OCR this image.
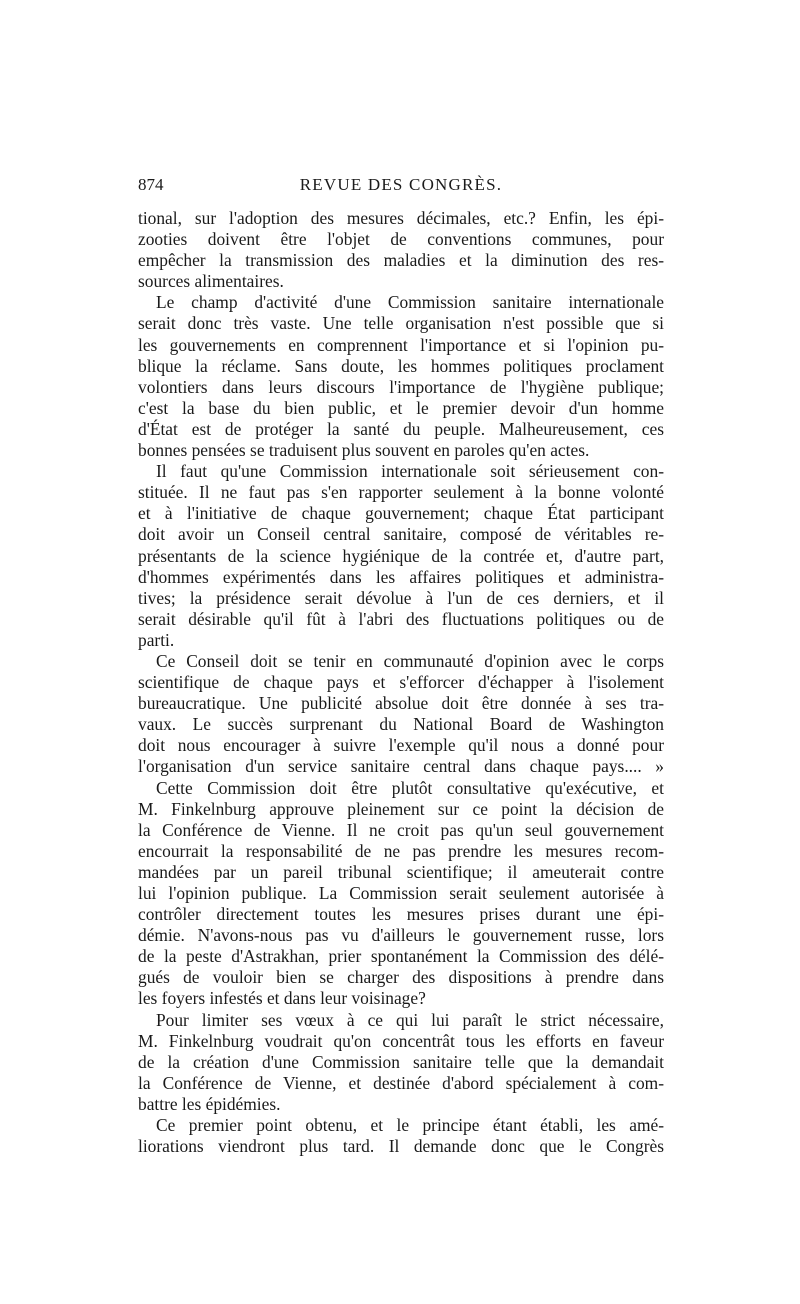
874	REVUE DES CONGRÈS.
tional, sur l'adoption des mesures décimales, etc.? Enfin, les épi-
zooties doivent être l'objet de conventions communes, pour
empêcher la transmission des maladies et la diminution des res-
sources alimentaires.
Le champ d'activité d'une Commission sanitaire internationale
serait donc très vaste. Une telle organisation n'est possible que si
les gouvernements en comprennent l'importance et si l'opinion pu-
blique la réclame. Sans doute, les hommes politiques proclament
volontiers dans leurs discours l'importance de l'hygiène publique;
c'est la base du bien public, et le premier devoir d'un homme
d'État est de protéger la santé du peuple. Malheureusement, ces
bonnes pensées se traduisent plus souvent en paroles qu'en actes.
Il faut qu'une Commission internationale soit sérieusement con-
stituée. Il ne faut pas s'en rapporter seulement à la bonne volonté
et à l'initiative de chaque gouvernement; chaque État participant
doit avoir un Conseil central sanitaire, composé de véritables re-
présentants de la science hygiénique de la contrée et, d'autre part,
d'hommes expérimentés dans les affaires politiques et administra-
tives; la présidence serait dévolue à l'un de ces derniers, et il
serait désirable qu'il fût à l'abri des fluctuations politiques ou de
parti.
Ce Conseil doit se tenir en communauté d'opinion avec le corps
scientifique de chaque pays et s'efforcer d'échapper à l'isolement
bureaucratique. Une publicité absolue doit être donnée à ses tra-
vaux. Le succès surprenant du National Board de Washington
doit nous encourager à suivre l'exemple qu'il nous a donné pour
l'organisation d'un service sanitaire central dans chaque pays.... »
Cette Commission doit être plutôt consultative qu'exécutive, et
M. Finkelnburg approuve pleinement sur ce point la décision de
la Conférence de Vienne. Il ne croit pas qu'un seul gouvernement
encourrait la responsabilité de ne pas prendre les mesures recom-
mandées par un pareil tribunal scientifique; il ameuterait contre
lui l'opinion publique. La Commission serait seulement autorisée à
contrôler directement toutes les mesures prises durant une épi-
démie. N'avons-nous pas vu d'ailleurs le gouvernement russe, lors
de la peste d'Astrakhan, prier spontanément la Commission des délé-
gués de vouloir bien se charger des dispositions à prendre dans
les foyers infestés et dans leur voisinage?
Pour limiter ses vœux à ce qui lui paraît le strict nécessaire,
M. Finkelnburg voudrait qu'on concentrât tous les efforts en faveur
de la création d'une Commission sanitaire telle que la demandait
la Conférence de Vienne, et destinée d'abord spécialement à com-
battre les épidémies.
Ce premier point obtenu, et le principe étant établi, les amé-
liorations viendront plus tard. Il demande donc que le Congrès
